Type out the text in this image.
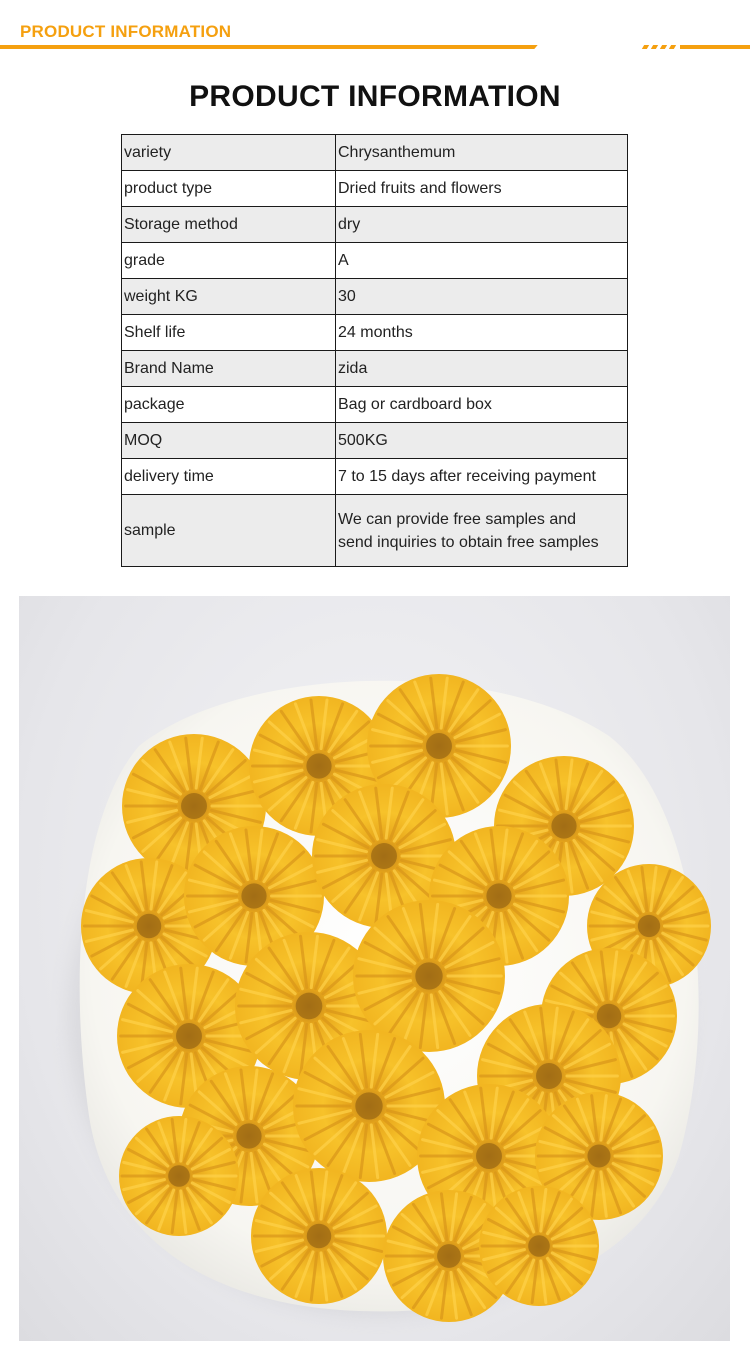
PRODUCT INFORMATION
PRODUCT INFORMATION
variety	Chrysanthemum
product type	Dried fruits and flowers
Storage method	dry
grade	A
weight KG	30
Shelf life	24 months
Brand Name	zida
package	Bag or cardboard box
MOQ	500KG
delivery time	7 to 15 days after receiving payment
sample	We can provide free samples and
send inquiries to obtain free samples
